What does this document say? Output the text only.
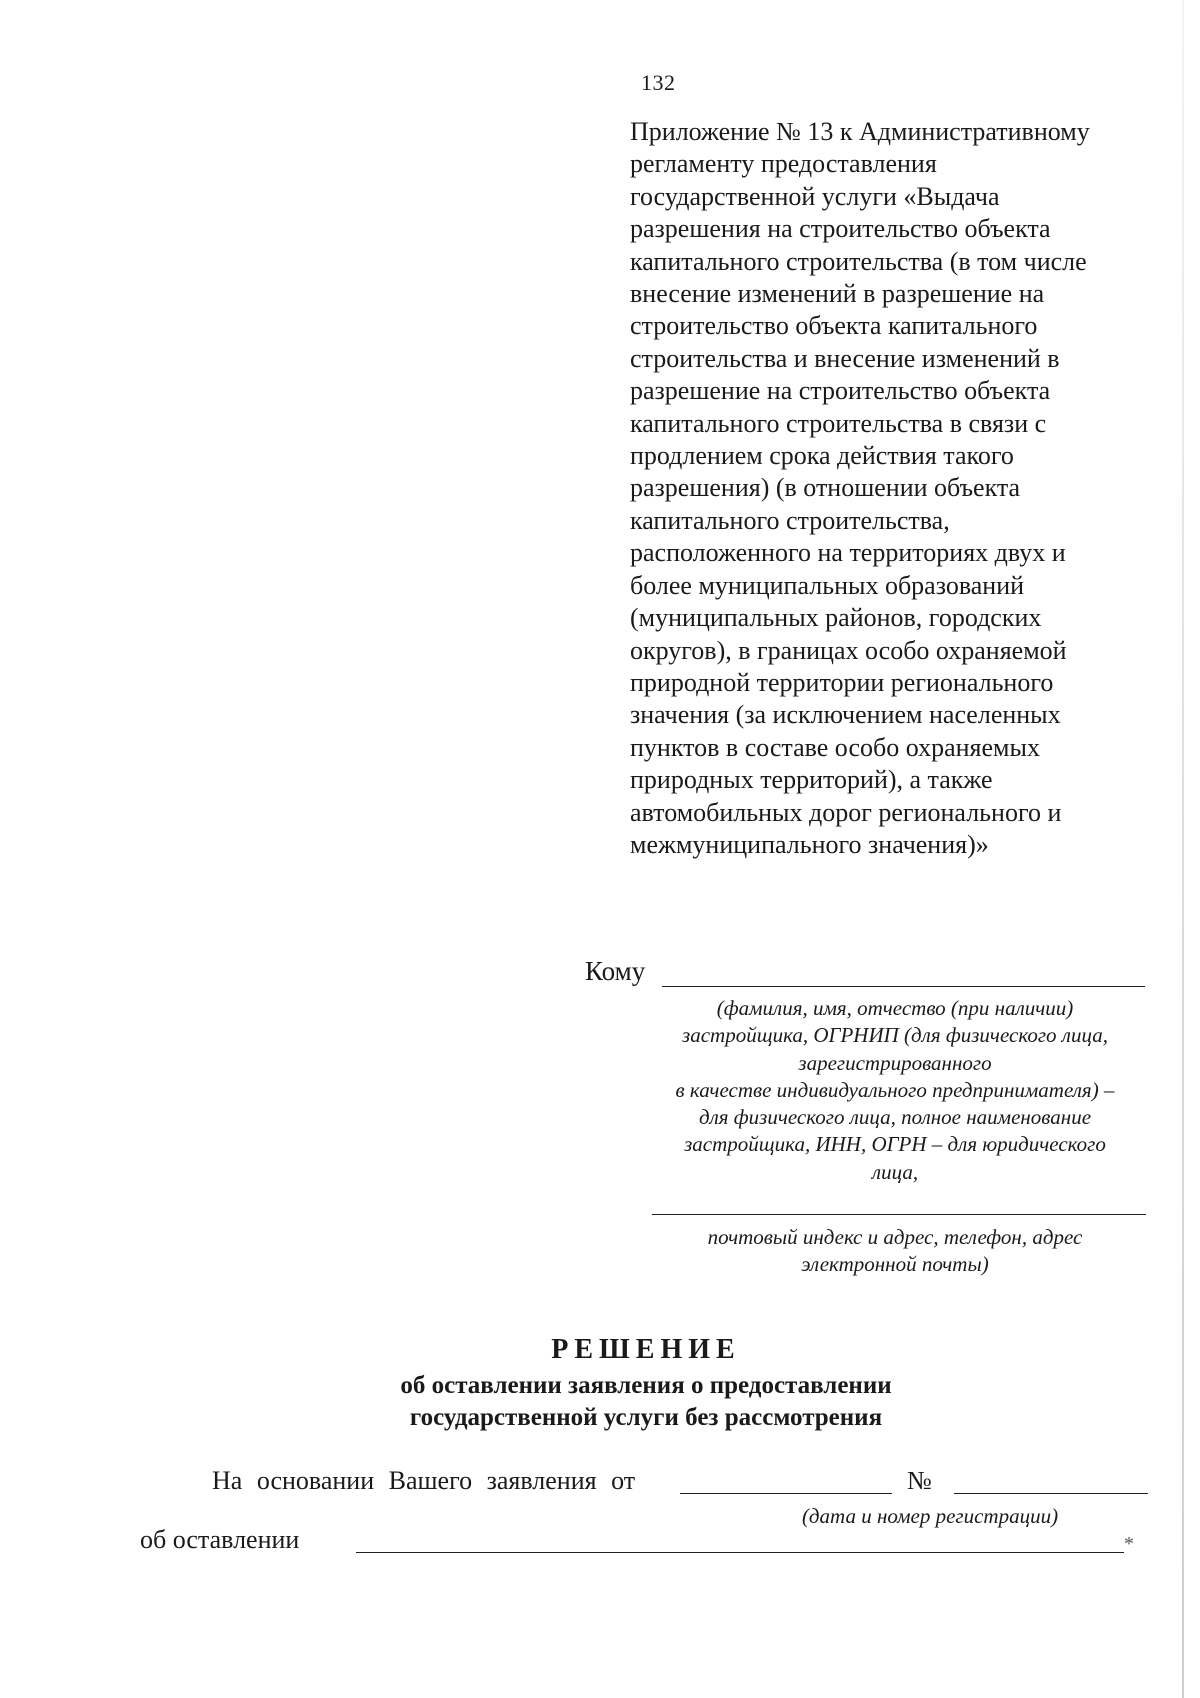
132
Приложение № 13 к Административному
регламенту предоставления
государственной услуги «Выдача
разрешения на строительство объекта
капитального строительства (в том числе
внесение изменений в разрешение на
строительство объекта капитального
строительства и внесение изменений в
разрешение на строительство объекта
капитального строительства в связи с
продлением срока действия такого
разрешения) (в отношении объекта
капитального строительства,
расположенного на территориях двух и
более муниципальных образований
(муниципальных районов, городских
округов), в границах особо охраняемой
природной территории регионального
значения (за исключением населенных
пунктов в составе особо охраняемых
природных территорий), а также
автомобильных дорог регионального и
межмуниципального значения)»
Кому
(фамилия, имя, отчество (при наличии)
застройщика, ОГРНИП (для физического лица,
зарегистрированного
в качестве индивидуального предпринимателя) –
для физического лица, полное наименование
застройщика, ИНН, ОГРН – для юридического
лица,
почтовый индекс и адрес, телефон, адрес
электронной почты)
РЕШЕНИЕ
об оставлении заявления о предоставлении
государственной услуги без рассмотрения
На основании Вашего заявления от	№
(дата и номер регистрации)
об оставлении	*
